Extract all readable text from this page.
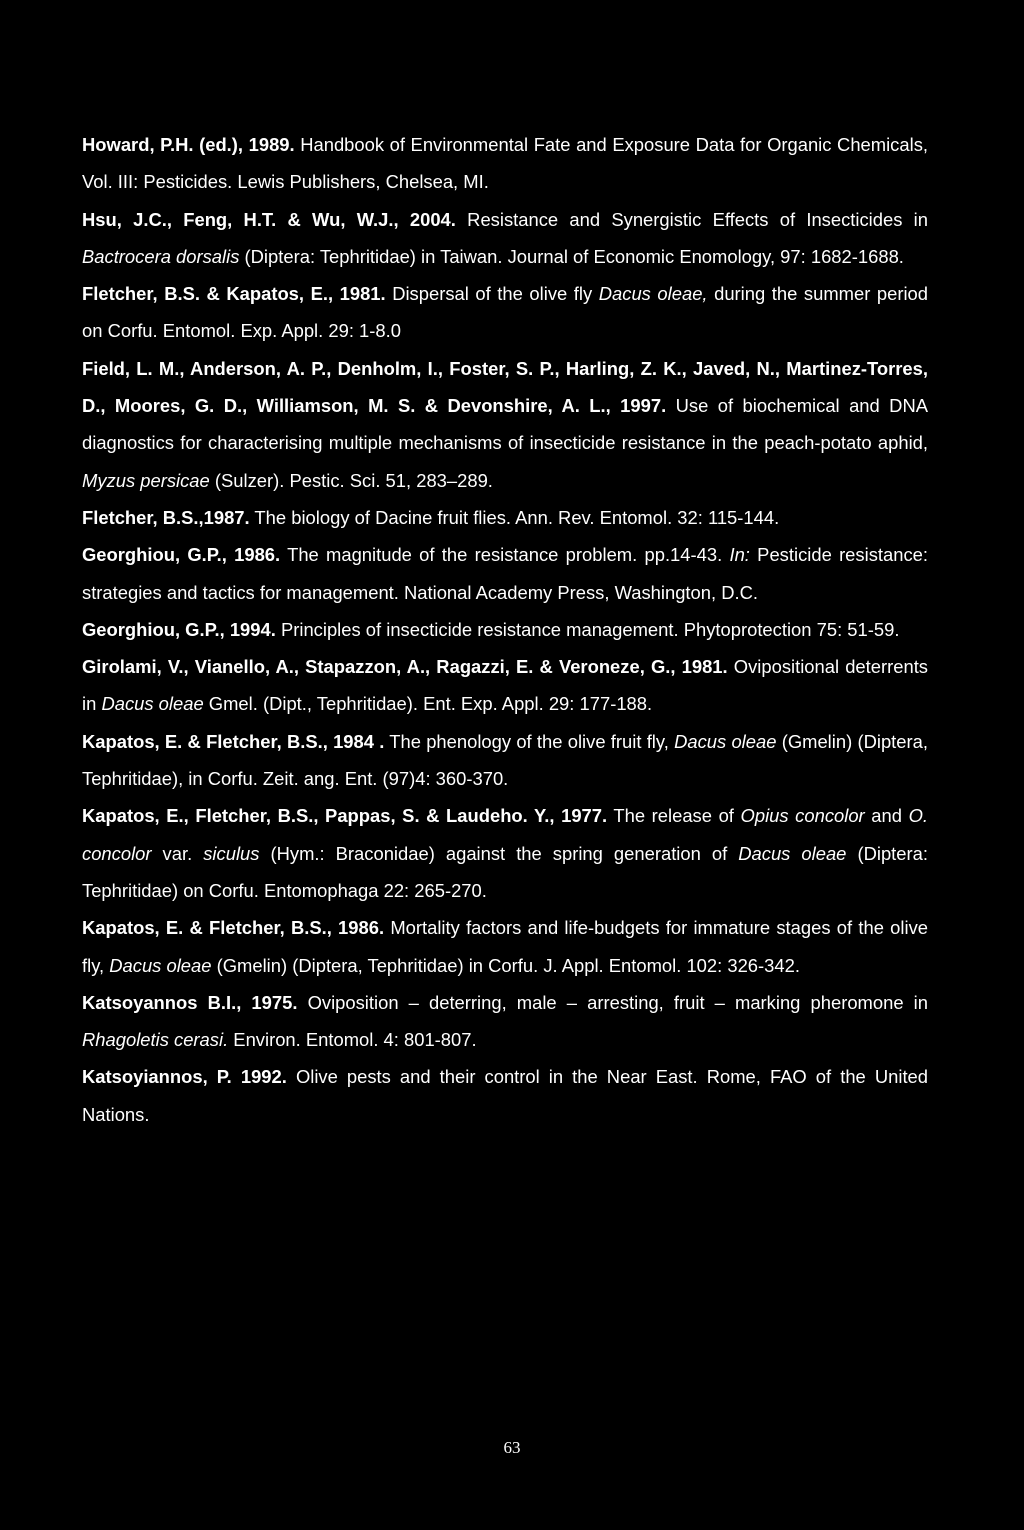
Howard, P.H. (ed.), 1989. Handbook of Environmental Fate and Exposure Data for Organic Chemicals, Vol. III: Pesticides. Lewis Publishers, Chelsea, MI.

Hsu, J.C., Feng, H.T. & Wu, W.J., 2004. Resistance and Synergistic Effects of Insecticides in Bactrocera dorsalis (Diptera: Tephritidae) in Taiwan. Journal of Economic Enomology, 97: 1682-1688.

Fletcher, B.S. & Kapatos, E., 1981. Dispersal of the olive fly Dacus oleae, during the summer period on Corfu. Entomol. Exp. Appl. 29: 1-8.0

Field, L. M., Anderson, A. P., Denholm, I., Foster, S. P., Harling, Z. K., Javed, N., Martinez-Torres, D., Moores, G. D., Williamson, M. S. & Devonshire, A. L., 1997. Use of biochemical and DNA diagnostics for characterising multiple mechanisms of insecticide resistance in the peach-potato aphid, Myzus persicae (Sulzer). Pestic. Sci. 51, 283–289.

Fletcher, B.S.,1987. The biology of Dacine fruit flies. Ann. Rev. Entomol. 32: 115-144.

Georghiou, G.P., 1986. The magnitude of the resistance problem. pp.14-43. In: Pesticide resistance: strategies and tactics for management. National Academy Press, Washington, D.C.

Georghiou, G.P., 1994. Principles of insecticide resistance management. Phytoprotection 75: 51-59.

Girolami, V., Vianello, A., Stapazzon, A., Ragazzi, E. & Veroneze, G., 1981. Ovipositional deterrents in Dacus oleae Gmel. (Dipt., Tephritidae). Ent. Exp. Appl. 29: 177-188.

Kapatos, E. & Fletcher, B.S., 1984 . The phenology of the olive fruit fly, Dacus oleae (Gmelin) (Diptera, Tephritidae), in Corfu. Zeit. ang. Ent. (97)4: 360-370.

Kapatos, E., Fletcher, B.S., Pappas, S. & Laudeho. Y., 1977. The release of Opius concolor and O. concolor var. siculus (Hym.: Braconidae) against the spring generation of Dacus oleae (Diptera: Tephritidae) on Corfu. Entomophaga 22: 265-270.

Kapatos, E. & Fletcher, B.S., 1986. Mortality factors and life-budgets for immature stages of the olive fly, Dacus oleae (Gmelin) (Diptera, Tephritidae) in Corfu. J. Appl. Entomol. 102: 326-342.

Katsoyannos B.I., 1975. Oviposition – deterring, male – arresting, fruit – marking pheromone in Rhagoletis cerasi. Environ. Entomol. 4: 801-807.

Katsoyiannos, P. 1992. Olive pests and their control in the Near East. Rome, FAO of the United Nations.

63
